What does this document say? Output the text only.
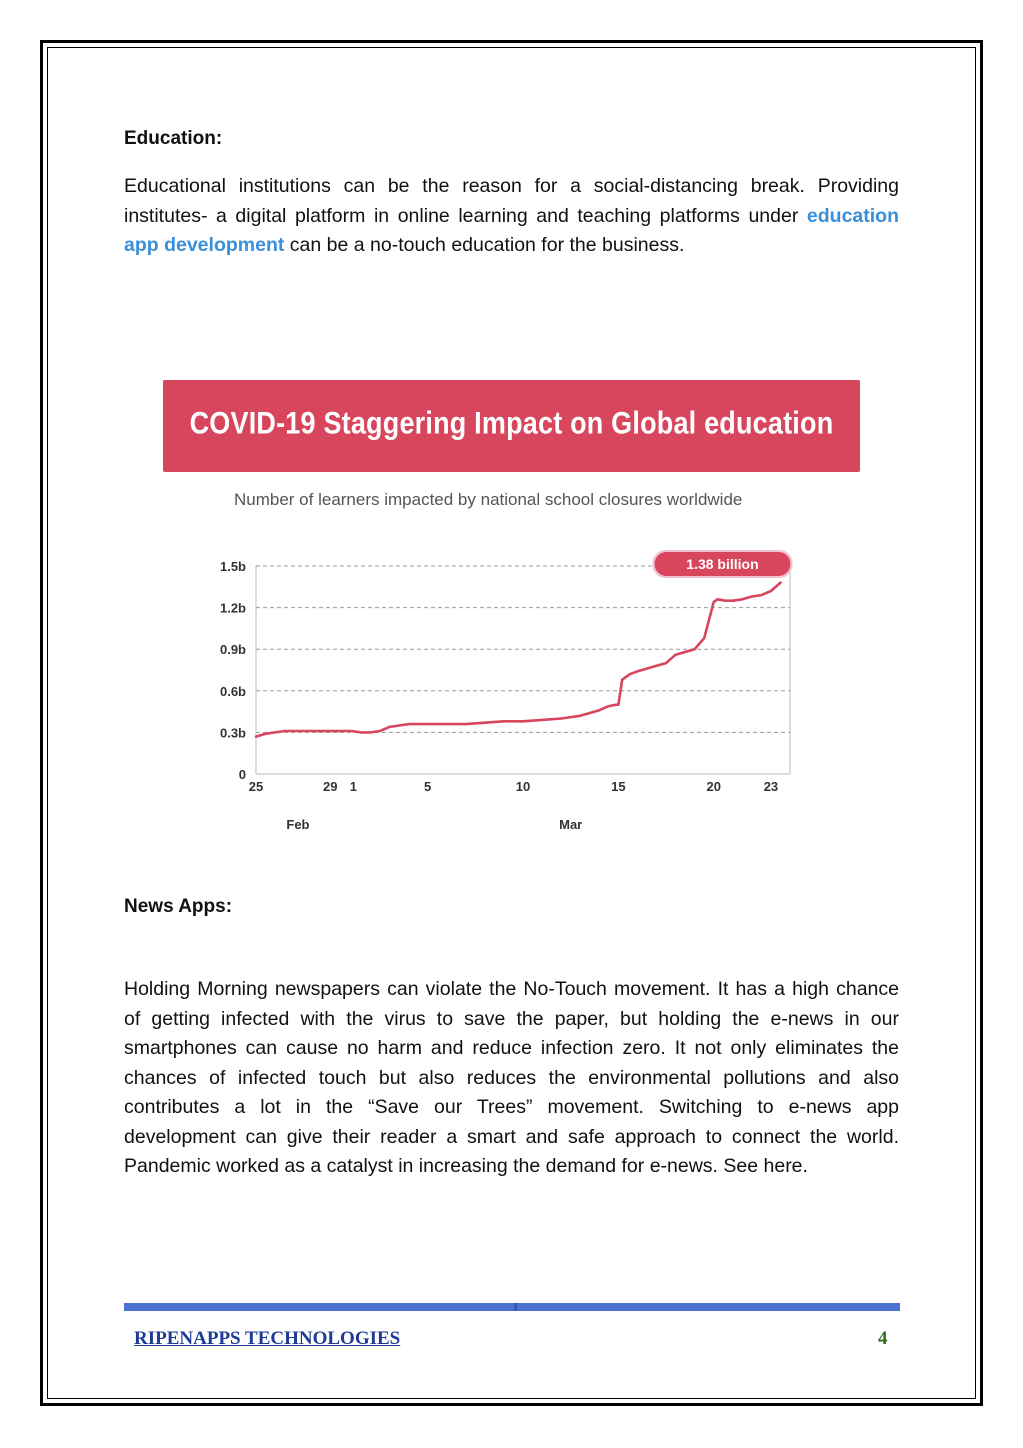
Education:
Educational institutions can be the reason for a social-distancing break. Providing institutes- a digital platform in online learning and teaching platforms under education app development can be a no-touch education for the business.
COVID-19 Staggering Impact on Global education
Number of learners impacted by national school closures worldwide
1.5b
1.2b
0.9b
0.6b
0.3b
0
25	29 1	5	10	15	20	23
Feb	Mar
1.38 billion
News Apps:
Holding Morning newspapers can violate the No-Touch movement. It has a high chance of getting infected with the virus to save the paper, but holding the e-news in our smartphones can cause no harm and reduce infection zero. It not only eliminates the chances of infected touch but also reduces the environmental pollutions and also contributes a lot in the “Save our Trees” movement. Switching to e-news app development can give their reader a smart and safe approach to connect the world. Pandemic worked as a catalyst in increasing the demand for e-news. See here.
RIPENAPPS TECHNOLOGIES	4
